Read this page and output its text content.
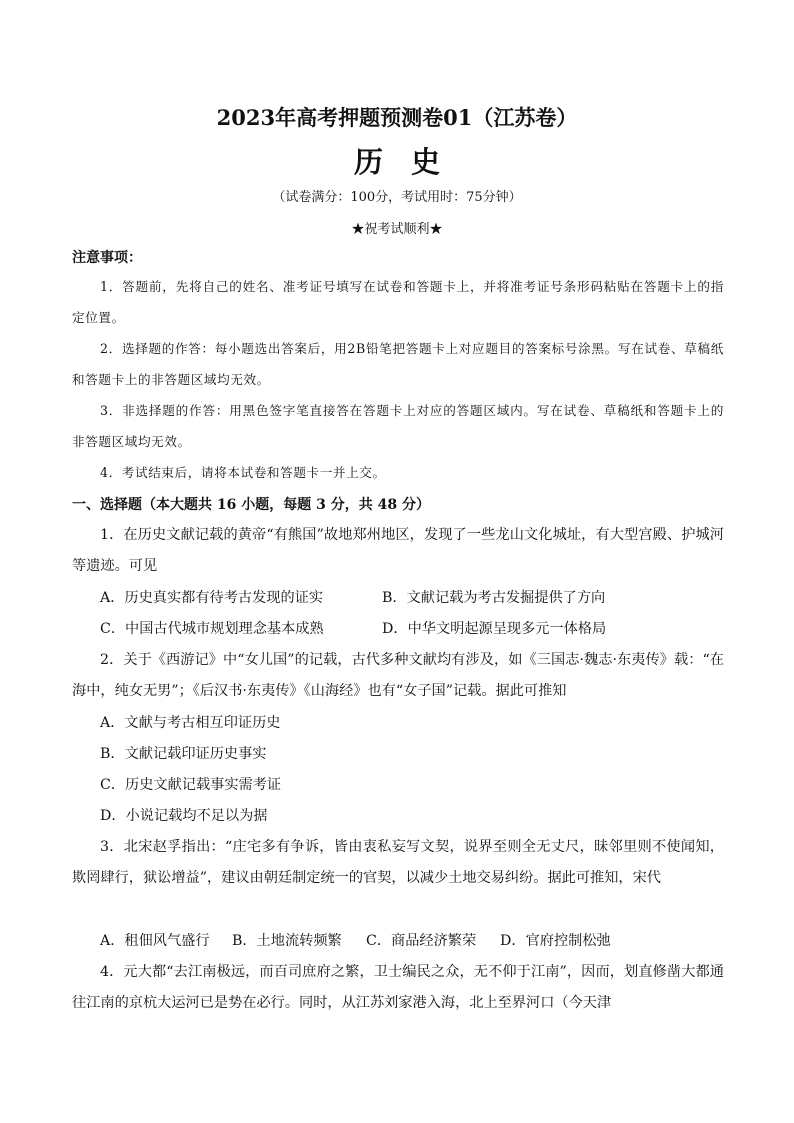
2023年高考押题预测卷01（江苏卷）
历史
（试卷满分：100分，考试用时：75分钟）
★祝考试顺利★
注意事项：
1．答题前，先将自己的姓名、准考证号填写在试卷和答题卡上，并将准考证号条形码粘贴在答题卡上的指定位置。
2．选择题的作答：每小题选出答案后，用2B铅笔把答题卡上对应题目的答案标号涂黑。写在试卷、草稿纸和答题卡上的非答题区域均无效。
3．非选择题的作答：用黑色签字笔直接答在答题卡上对应的答题区域内。写在试卷、草稿纸和答题卡上的非答题区域均无效。
4．考试结束后，请将本试卷和答题卡一并上交。
一、选择题（本大题共 16 小题，每题 3 分，共 48 分）
1．在历史文献记载的黄帝“有熊国”故地郑州地区，发现了一些龙山文化城址，有大型宫殿、护城河等遗迹。可见
A．历史真实都有待考古发现的证实	B．文献记载为考古发掘提供了方向
C．中国古代城市规划理念基本成熟	D．中华文明起源呈现多元一体格局
2．关于《西游记》中“女儿国”的记载，古代多种文献均有涉及，如《三国志·魏志·东夷传》载：“在海中，纯女无男”；《后汉书·东夷传》《山海经》也有“女子国”记载。据此可推知
A．文献与考古相互印证历史
B．文献记载印证历史事实
C．历史文献记载事实需考证
D．小说记载均不足以为据
3．北宋赵孚指出：“庄宅多有争诉，皆由衷私妄写文契，说界至则全无丈尺，昧邻里则不使闻知，欺罔肆行，狱讼增益”，建议由朝廷制定统一的官契，以减少土地交易纠纷。据此可推知，宋代
A．租佃风气盛行 B．土地流转频繁 C．商品经济繁荣 D．官府控制松弛
4．元大都“去江南极远，而百司庶府之繁，卫士编民之众，无不仰于江南”，因而，划直修凿大都通往江南的京杭大运河已是势在必行。同时，从江苏刘家港入海，北上至界河口（今天津
